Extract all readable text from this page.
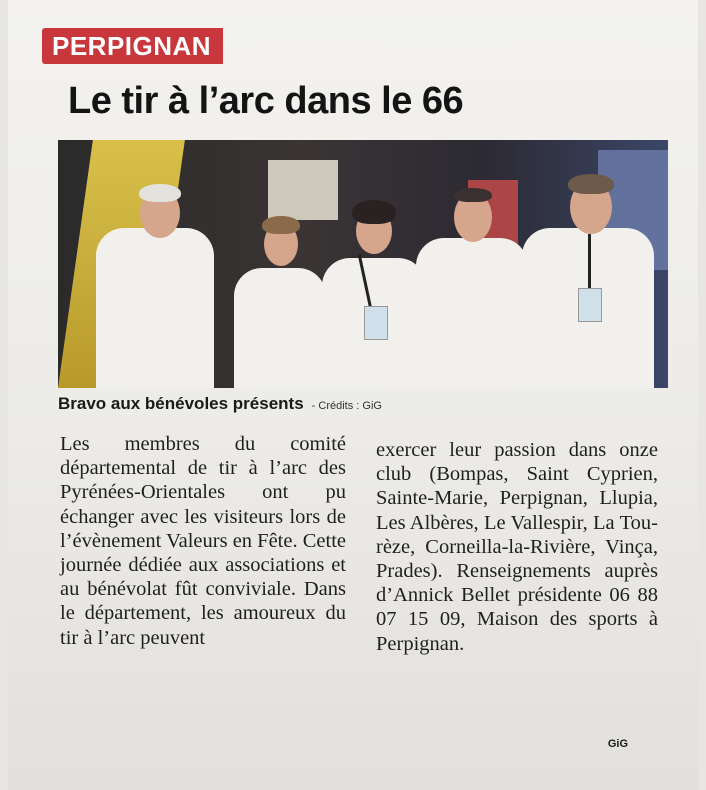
PERPIGNAN
Le tir à l’arc dans le 66
Bravo aux bénévoles présents - Crédits : GiG

Les membres du comité départemental de tir à l’arc des Pyrénées-Orientales ont pu échanger avec les visiteurs lors de l’évènement Valeurs en Fête. Cette journée dédiée aux associations et au bénévolat fût conviviale. Dans le département, les amoureux du tir à l’arc peuvent

exercer leur passion dans onze club (Bompas, Saint Cyprien, Sainte-Marie, Perpignan, Llupia, Les Albères, Le Vallespir, La Tourèze, Corneilla-la-Rivière, Vinça, Prades). Renseignements auprès d’Annick Bellet présidente 06 88 07 15 09, Maison des sports à Perpignan.

GiG
